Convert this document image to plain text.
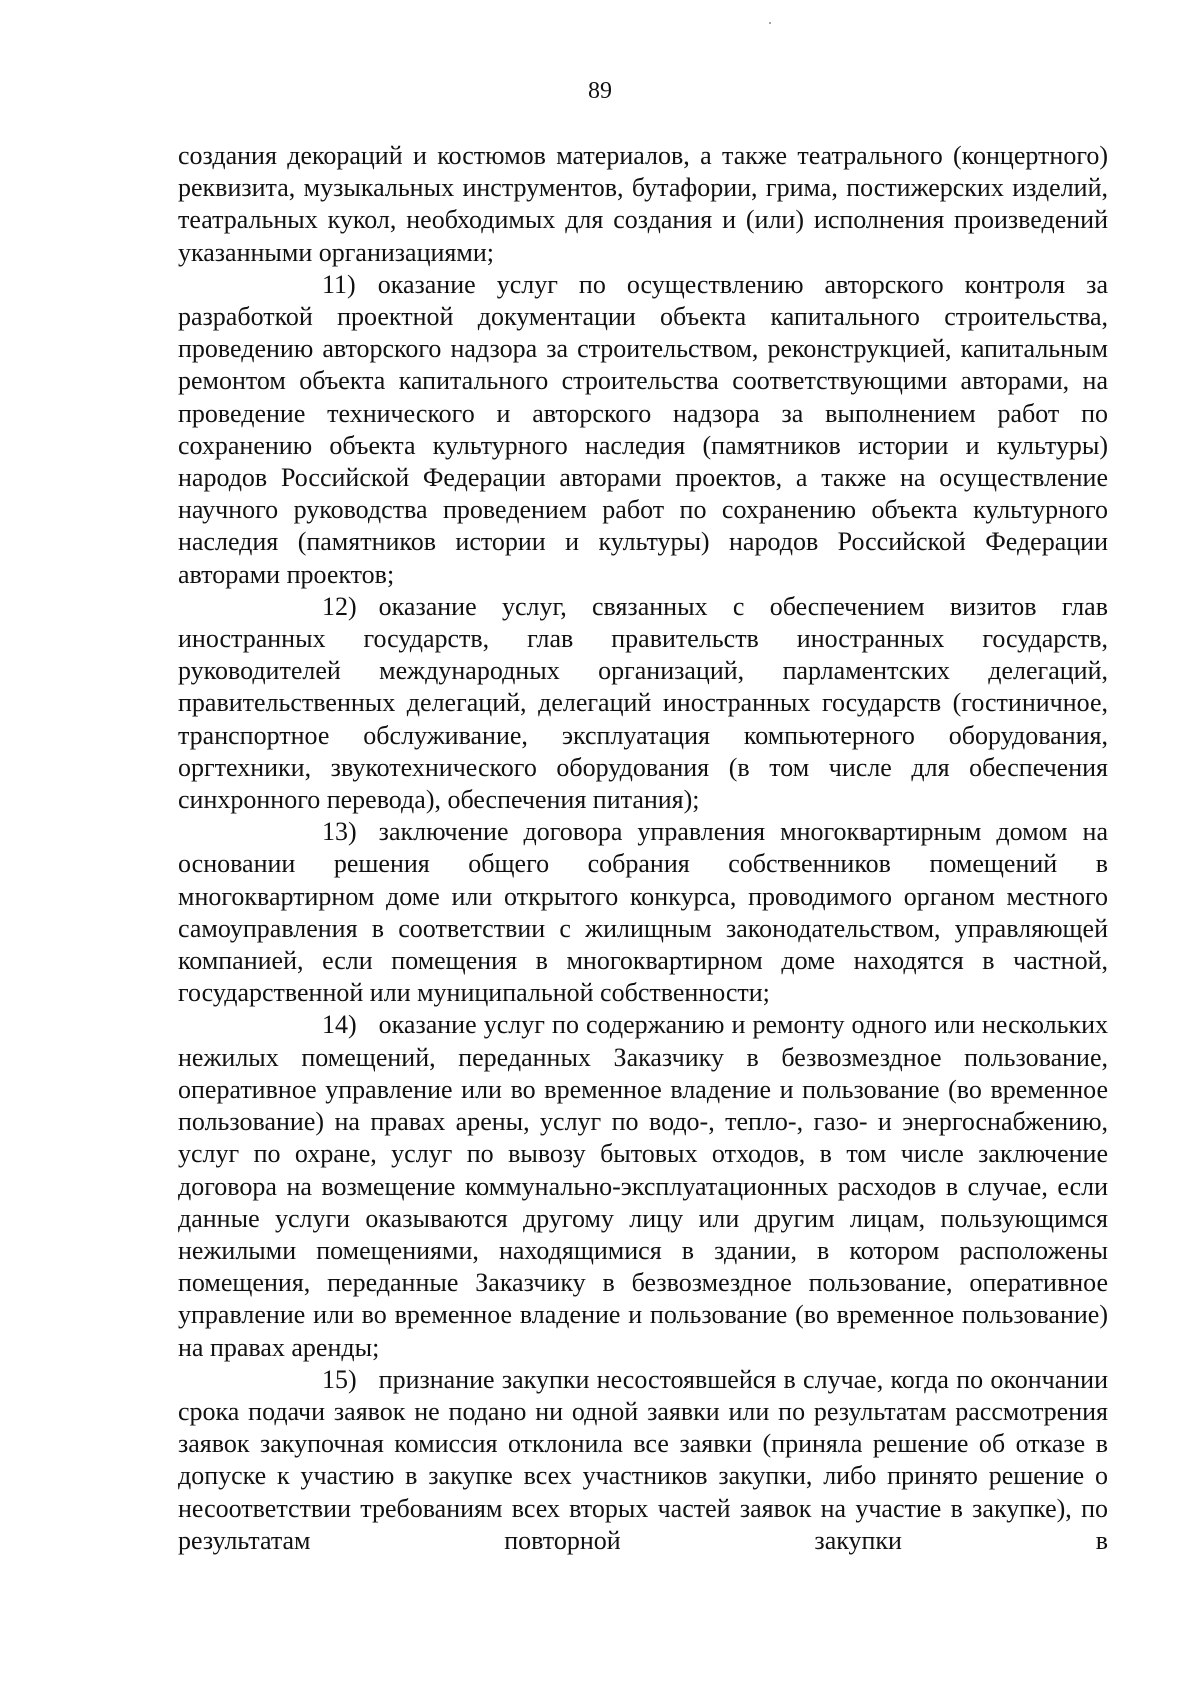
89

создания декораций и костюмов материалов, а также театрального (концертного) реквизита, музыкальных инструментов, бутафории, грима, постижерских изделий, театральных кукол, необходимых для создания и (или) исполнения произведений указанными организациями;

11) оказание услуг по осуществлению авторского контроля за разработкой проектной документации объекта капитального строительства, проведению авторского надзора за строительством, реконструкцией, капитальным ремонтом объекта капитального строительства соответствующими авторами, на проведение технического и авторского надзора за выполнением работ по сохранению объекта культурного наследия (памятников истории и культуры) народов Российской Федерации авторами проектов, а также на осуществление научного руководства проведением работ по сохранению объекта культурного наследия (памятников истории и культуры) народов Российской Федерации авторами проектов;

12) оказание услуг, связанных с обеспечением визитов глав иностранных государств, глав правительств иностранных государств, руководителей международных организаций, парламентских делегаций, правительственных делегаций, делегаций иностранных государств (гостиничное, транспортное обслуживание, эксплуатация компьютерного оборудования, оргтехники, звукотехнического оборудования (в том числе для обеспечения синхронного перевода), обеспечения питания);

13) заключение договора управления многоквартирным домом на основании решения общего собрания собственников помещений в многоквартирном доме или открытого конкурса, проводимого органом местного самоуправления в соответствии с жилищным законодательством, управляющей компанией, если помещения в многоквартирном доме находятся в частной, государственной или муниципальной собственности;

14) оказание услуг по содержанию и ремонту одного или нескольких нежилых помещений, переданных Заказчику в безвозмездное пользование, оперативное управление или во временное владение и пользование (во временное пользование) на правах арены, услуг по водо-, тепло-, газо- и энергоснабжению, услуг по охране, услуг по вывозу бытовых отходов, в том числе заключение договора на возмещение коммунально-эксплуатационных расходов в случае, если данные услуги оказываются другому лицу или другим лицам, пользующимся нежилыми помещениями, находящимися в здании, в котором расположены помещения, переданные Заказчику в безвозмездное пользование, оперативное управление или во временное владение и пользование (во временное пользование) на правах аренды;

15) признание закупки несостоявшейся в случае, когда по окончании срока подачи заявок не подано ни одной заявки или по результатам рассмотрения заявок закупочная комиссия отклонила все заявки (приняла решение об отказе в допуске к участию в закупке всех участников закупки, либо принято решение о несоответствии требованиям всех вторых частей заявок на участие в закупке), по результатам повторной закупки в
